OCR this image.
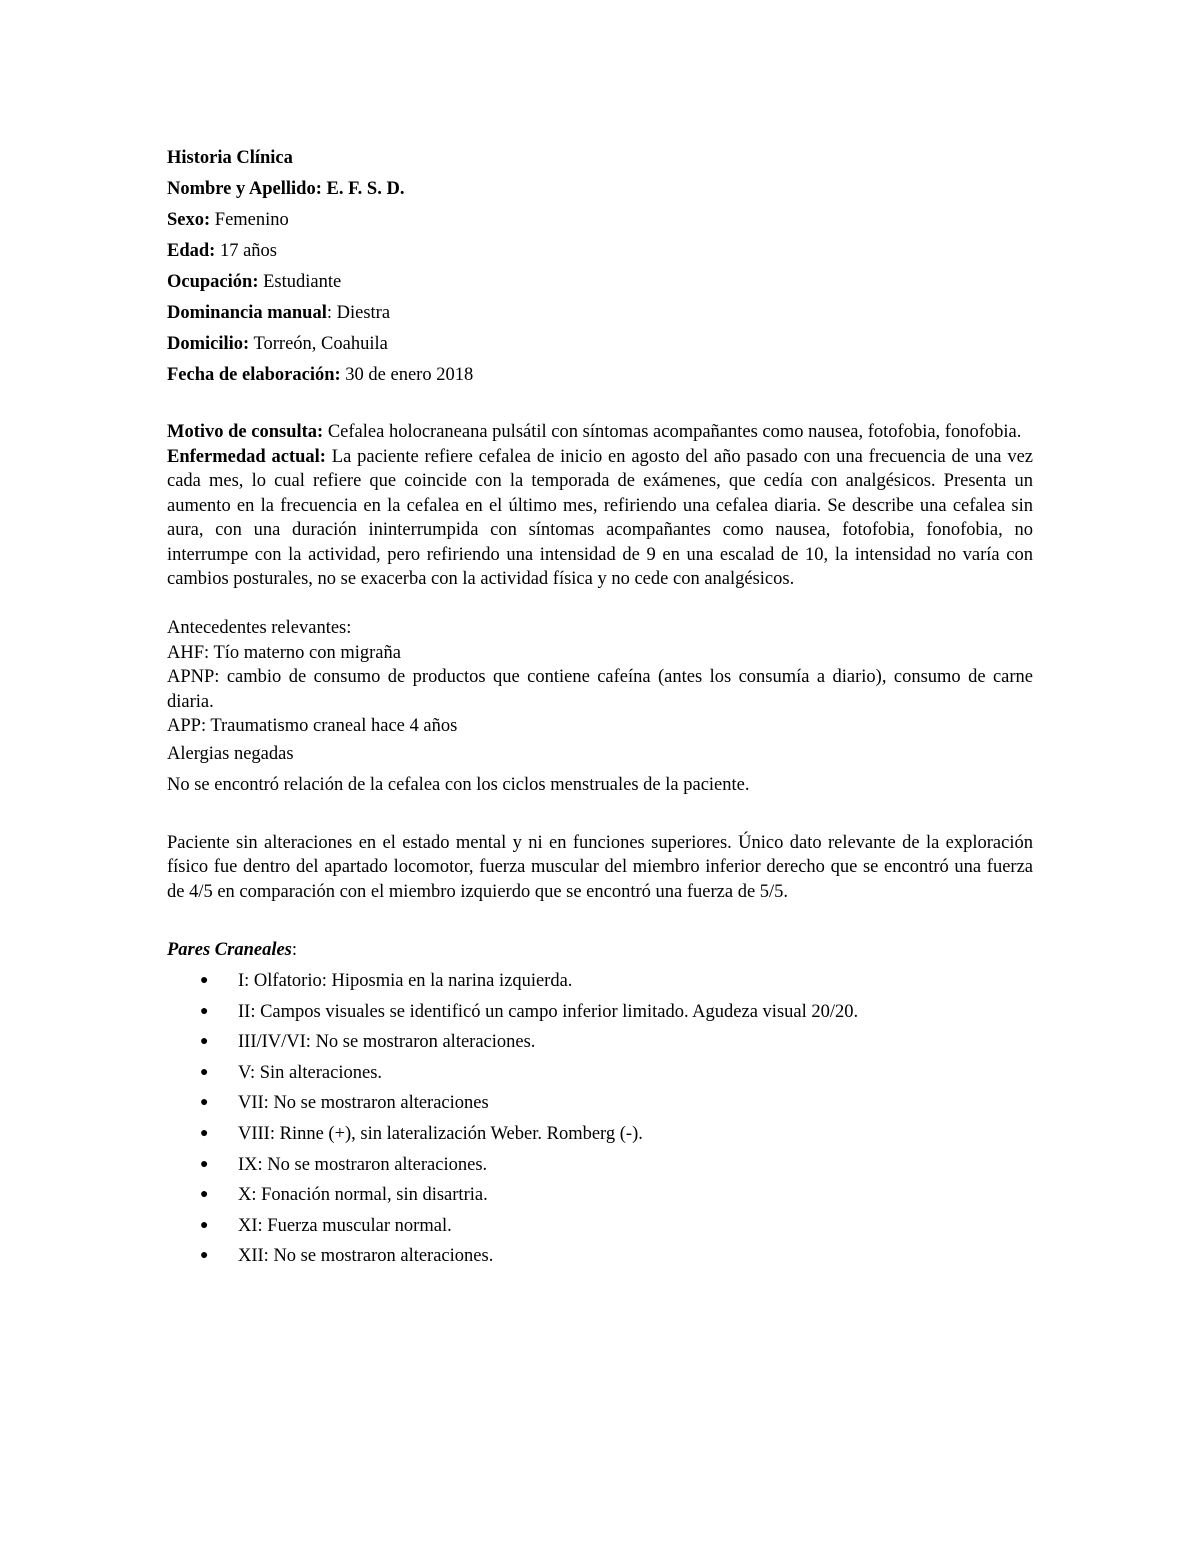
Historia Clínica
Nombre y Apellido: E. F. S. D.
Sexo: Femenino
Edad: 17 años
Ocupación: Estudiante
Dominancia manual: Diestra
Domicilio: Torreón, Coahuila
Fecha de elaboración: 30 de enero 2018

Motivo de consulta: Cefalea holocraneana pulsátil con síntomas acompañantes como nausea, fotofobia, fonofobia.

Enfermedad actual: La paciente refiere cefalea de inicio en agosto del año pasado con una frecuencia de una vez cada mes, lo cual refiere que coincide con la temporada de exámenes, que cedía con analgésicos. Presenta un aumento en la frecuencia en la cefalea en el último mes, refiriendo una cefalea diaria. Se describe una cefalea sin aura, con una duración ininterrumpida con síntomas acompañantes como nausea, fotofobia, fonofobia, no interrumpe con la actividad, pero refiriendo una intensidad de 9 en una escalad de 10, la intensidad no varía con cambios posturales, no se exacerba con la actividad física y no cede con analgésicos.

Antecedentes relevantes:
AHF: Tío materno con migraña

APNP: cambio de consumo de productos que contiene cafeína (antes los consumía a diario), consumo de carne diaria.

APP: Traumatismo craneal hace 4 años
Alergias negadas
No se encontró relación de la cefalea con los ciclos menstruales de la paciente.

Paciente sin alteraciones en el estado mental y ni en funciones superiores. Único dato relevante de la exploración físico fue dentro del apartado locomotor, fuerza muscular del miembro inferior derecho que se encontró una fuerza de 4/5 en comparación con el miembro izquierdo que se encontró una fuerza de 5/5.

Pares Craneales:
● I: Olfatorio: Hiposmia en la narina izquierda.
● II: Campos visuales se identificó un campo inferior limitado. Agudeza visual 20/20.
● III/IV/VI: No se mostraron alteraciones.
● V: Sin alteraciones.
● VII: No se mostraron alteraciones
● VIII: Rinne (+), sin lateralización Weber. Romberg (-).
● IX: No se mostraron alteraciones.
● X: Fonación normal, sin disartria.
● XI: Fuerza muscular normal.
● XII: No se mostraron alteraciones.
